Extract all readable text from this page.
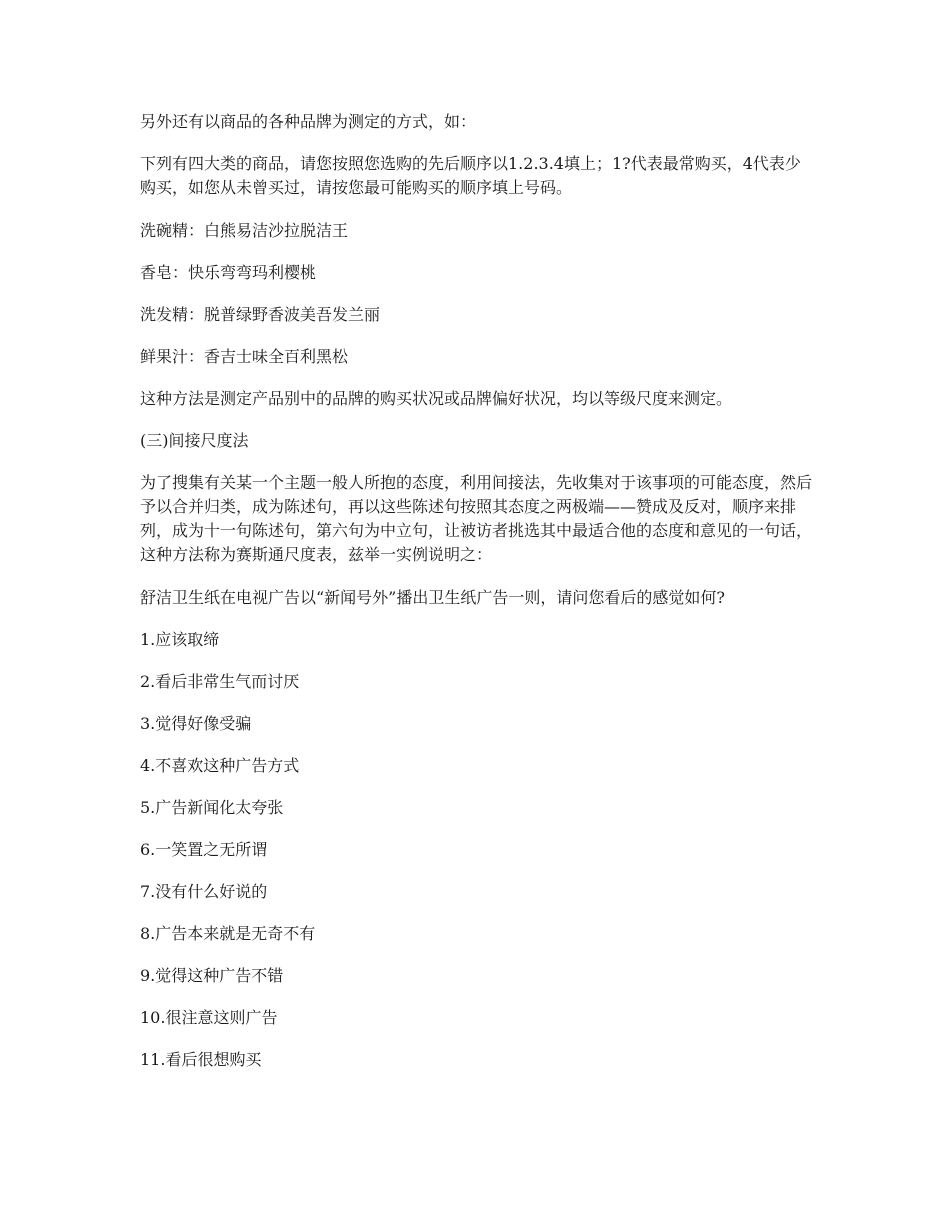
另外还有以商品的各种品牌为测定的方式，如：

下列有四大类的商品，请您按照您选购的先后顺序以1.2.3.4填上；1?代表最常购买，4代表少购买，如您从未曾买过，请按您最可能购买的顺序填上号码。

洗碗精：白熊易洁沙拉脱洁王

香皂：快乐弯弯玛利樱桃

洗发精：脱普绿野香波美吾发兰丽

鲜果汁：香吉士味全百利黑松

这种方法是测定产品别中的品牌的购买状况或品牌偏好状况，均以等级尺度来测定。

(三)间接尺度法

为了搜集有关某一个主题一般人所抱的态度，利用间接法，先收集对于该事项的可能态度，然后予以合并归类，成为陈述句，再以这些陈述句按照其态度之两极端——赞成及反对，顺序来排列，成为十一句陈述句，第六句为中立句，让被访者挑选其中最适合他的态度和意见的一句话，这种方法称为赛斯通尺度表，兹举一实例说明之：

舒洁卫生纸在电视广告以“新闻号外”播出卫生纸广告一则，请问您看后的感觉如何?

1.应该取缔

2.看后非常生气而讨厌

3.觉得好像受骗

4.不喜欢这种广告方式

5.广告新闻化太夸张

6.一笑置之无所谓

7.没有什么好说的

8.广告本来就是无奇不有

9.觉得这种广告不错

10.很注意这则广告

11.看后很想购买
